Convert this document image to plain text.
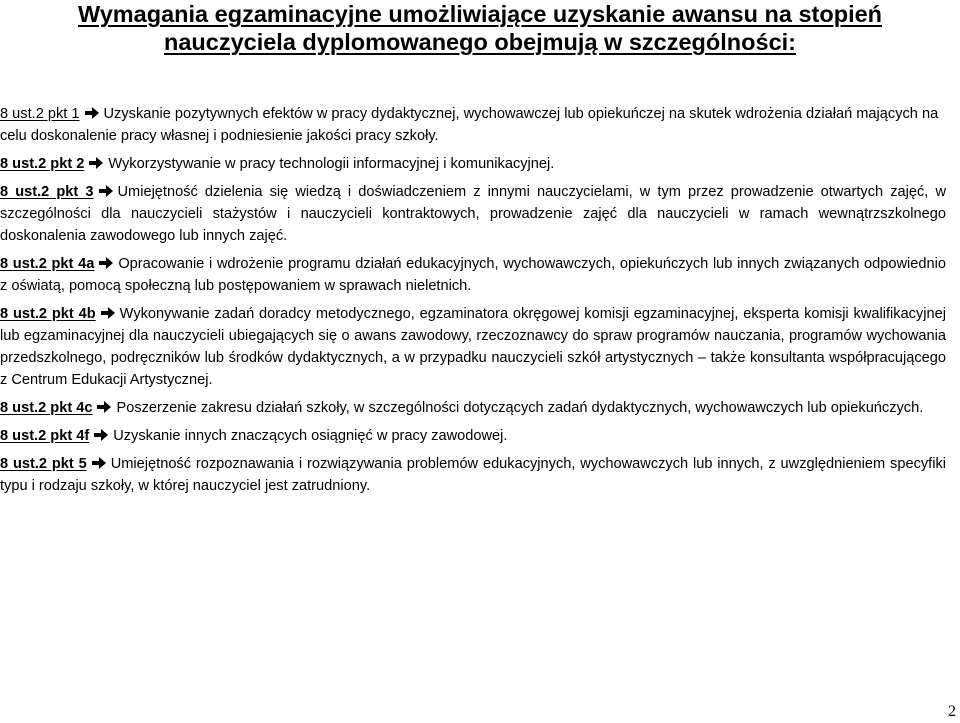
Wymagania egzaminacyjne umożliwiające uzyskanie awansu na stopień
nauczyciela dyplomowanego obejmują w szczególności:

8 ust.2 pkt 1 Uzyskanie pozytywnych efektów w pracy dydaktycznej, wychowawczej lub opiekuńczej na skutek wdrożenia działań mających na celu doskonalenie pracy własnej i podniesienie jakości pracy szkoły.

8 ust.2 pkt 2 Wykorzystywanie w pracy technologii informacyjnej i komunikacyjnej.

8 ust.2 pkt 3 Umiejętność dzielenia się wiedzą i doświadczeniem z innymi nauczycielami, w tym przez prowadzenie otwartych zajęć, w szczególności dla nauczycieli stażystów i nauczycieli kontraktowych, prowadzenie zajęć dla nauczycieli w ramach wewnątrzszkolnego doskonalenia zawodowego lub innych zajęć.

8 ust.2 pkt 4a Opracowanie i wdrożenie programu działań edukacyjnych, wychowawczych, opiekuńczych lub innych związanych odpowiednio z oświatą, pomocą społeczną lub postępowaniem w sprawach nieletnich.

8 ust.2 pkt 4b Wykonywanie zadań doradcy metodycznego, egzaminatora okręgowej komisji egzaminacyjnej, eksperta komisji kwalifikacyjnej lub egzaminacyjnej dla nauczycieli ubiegających się o awans zawodowy, rzeczoznawcy do spraw programów nauczania, programów wychowania przedszkolnego, podręczników lub środków dydaktycznych, a w przypadku nauczycieli szkół artystycznych – także konsultanta współpracującego z Centrum Edukacji Artystycznej.

8 ust.2 pkt 4c Poszerzenie zakresu działań szkoły, w szczególności dotyczących zadań dydaktycznych, wychowawczych lub opiekuńczych.

8 ust.2 pkt 4f Uzyskanie innych znaczących osiągnięć w pracy zawodowej.

8 ust.2 pkt 5 Umiejętność rozpoznawania i rozwiązywania problemów edukacyjnych, wychowawczych lub innych, z uwzględnieniem specyfiki typu i rodzaju szkoły, w której nauczyciel jest zatrudniony.

2
